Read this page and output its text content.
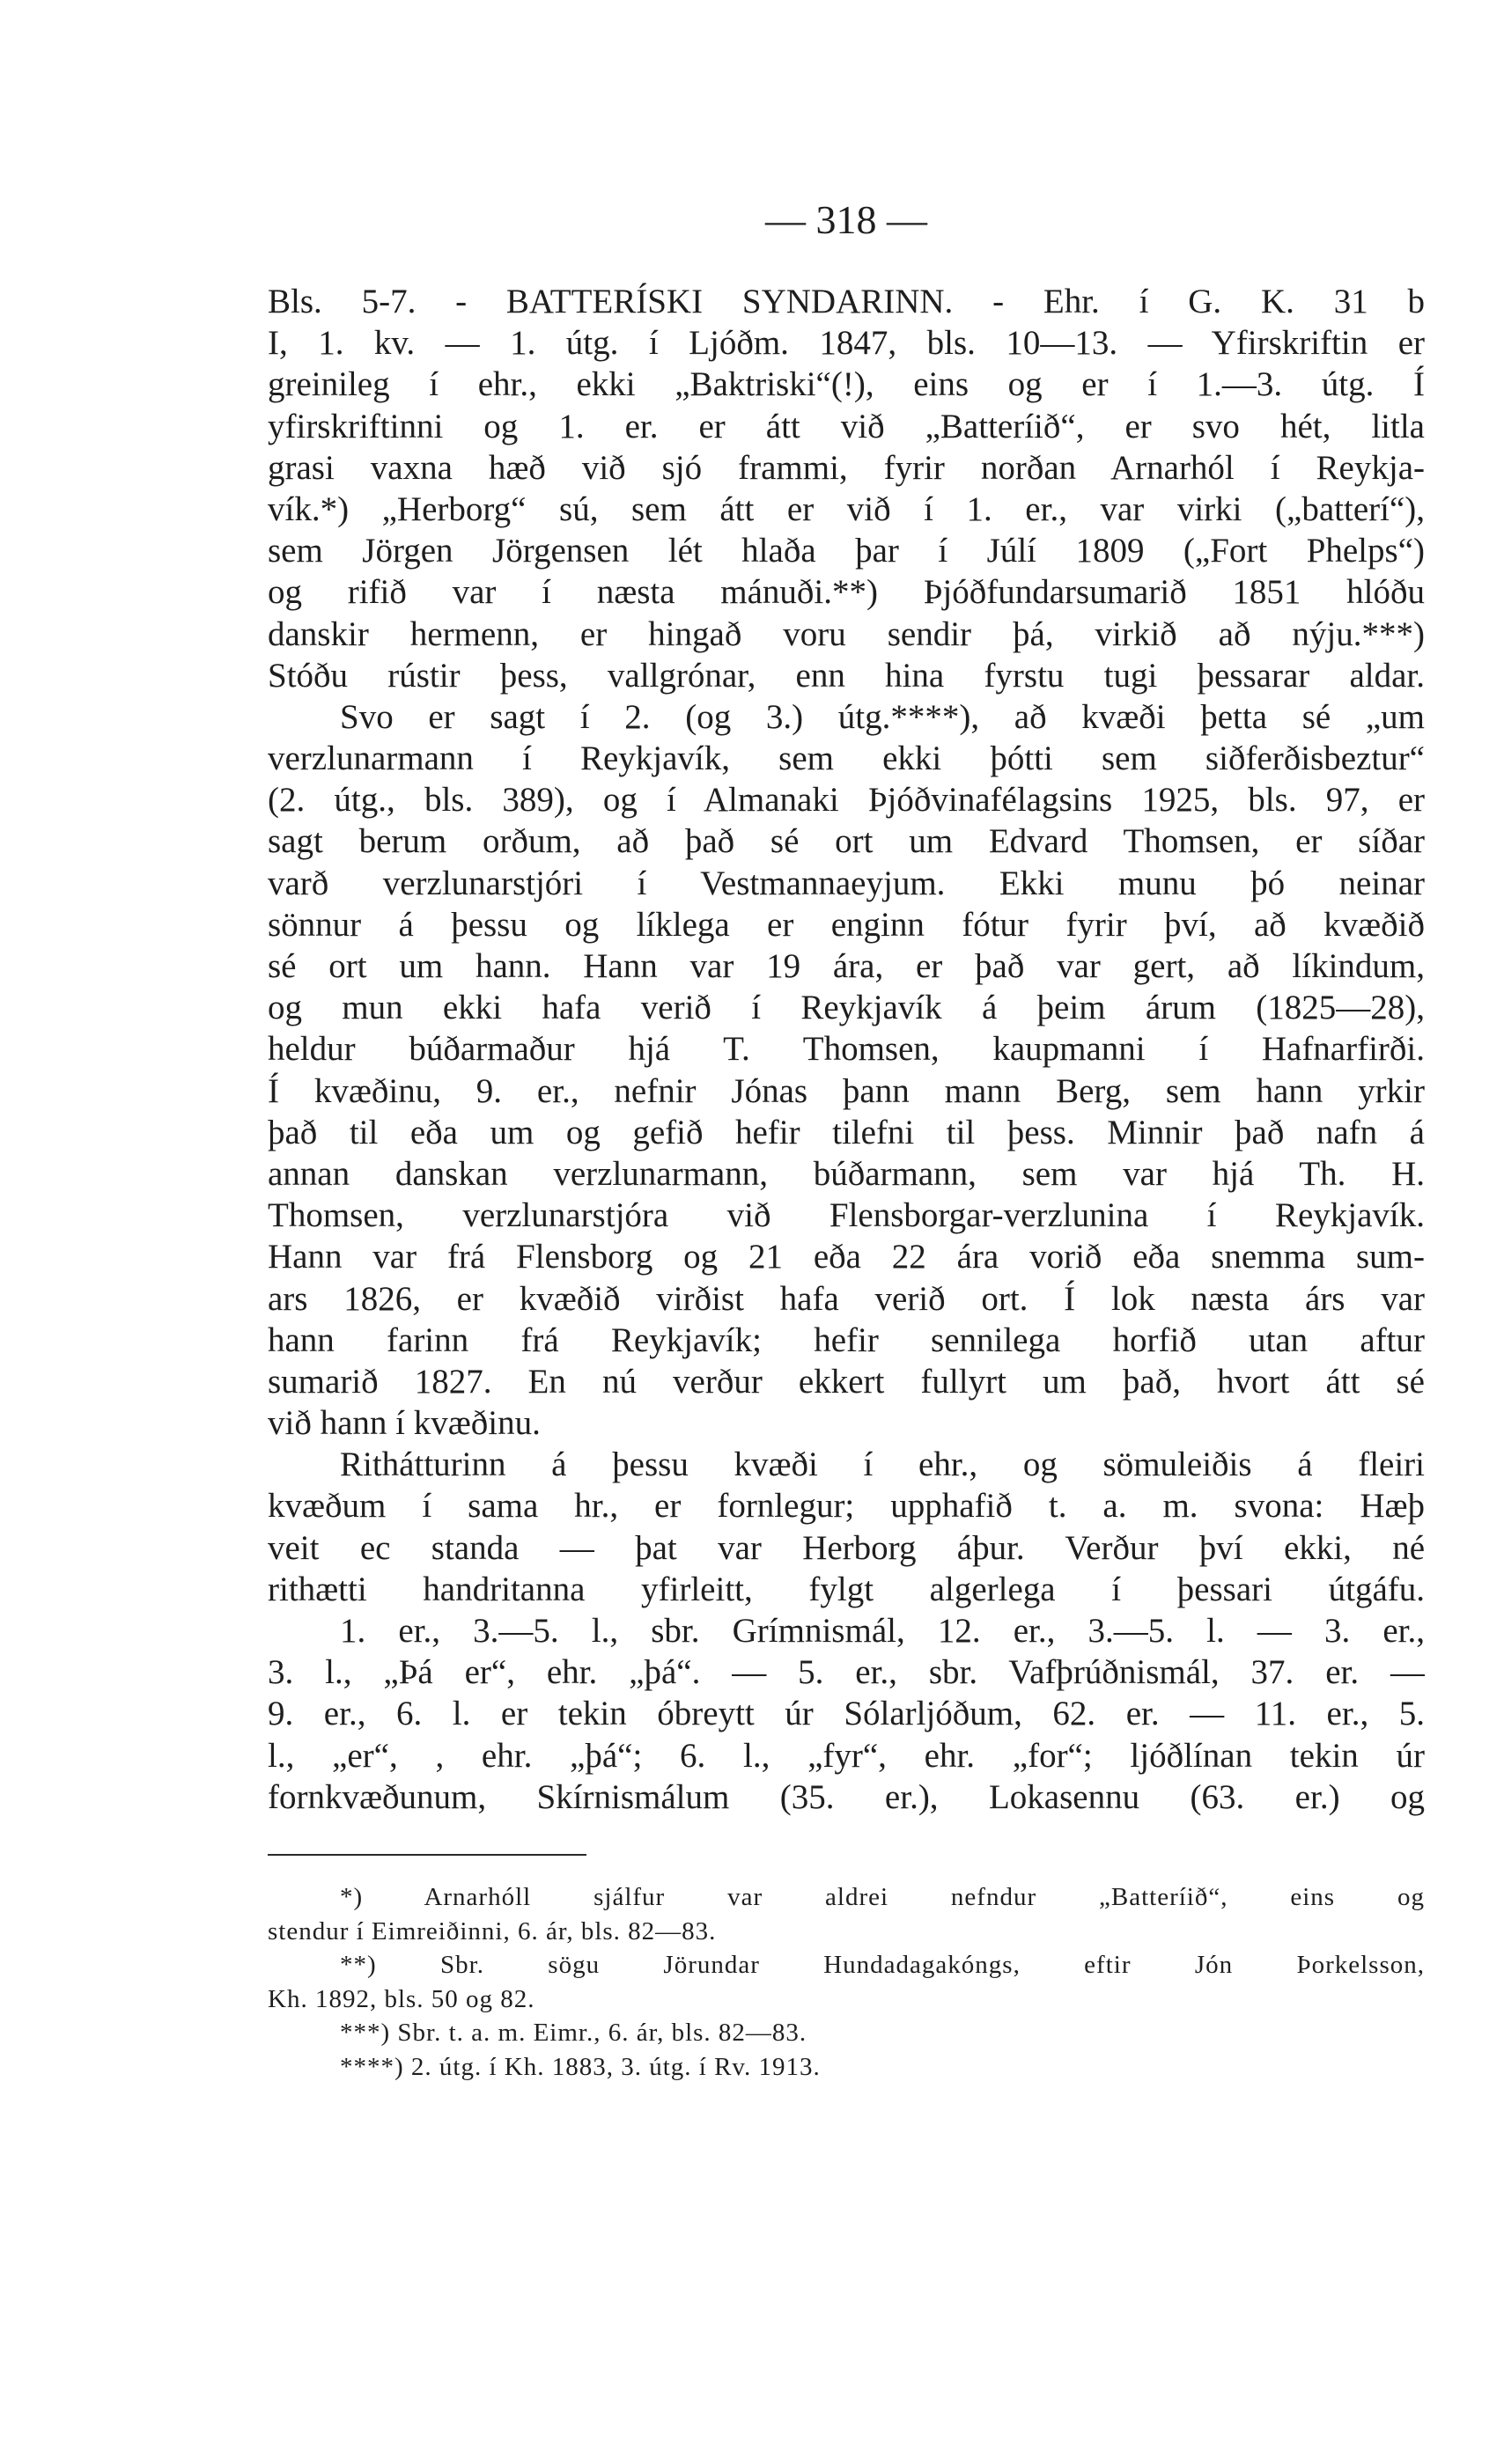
— 318 —
Bls. 5-7. - BATTERÍSKI SYNDARINN. - Ehr. í G. K. 31 b
I, 1. kv. — 1. útg. í Ljóðm. 1847, bls. 10—13. — Yfirskriftin er
greinileg í ehr., ekki „Baktriski“(!), eins og er í 1.—3. útg. Í
yfirskriftinni og 1. er. er átt við „Batteríið“, er svo hét, litla
grasi vaxna hæð við sjó frammi, fyrir norðan Arnarhól í Reykja-
vík.*) „Herborg“ sú, sem átt er við í 1. er., var virki („batterí“),
sem Jörgen Jörgensen lét hlaða þar í Júlí 1809 („Fort Phelps“)
og rifið var í næsta mánuði.**) Þjóðfundarsumarið 1851 hlóðu
danskir hermenn, er hingað voru sendir þá, virkið að nýju.***)
Stóðu rústir þess, vallgrónar, enn hina fyrstu tugi þessarar aldar.
Svo er sagt í 2. (og 3.) útg.****), að kvæði þetta sé „um
verzlunarmann í Reykjavík, sem ekki þótti sem siðferðisbeztur“
(2. útg., bls. 389), og í Almanaki Þjóðvinafélagsins 1925, bls. 97, er
sagt berum orðum, að það sé ort um Edvard Thomsen, er síðar
varð verzlunarstjóri í Vestmannaeyjum. Ekki munu þó neinar
sönnur á þessu og líklega er enginn fótur fyrir því, að kvæðið
sé ort um hann. Hann var 19 ára, er það var gert, að líkindum,
og mun ekki hafa verið í Reykjavík á þeim árum (1825—28),
heldur búðarmaður hjá T. Thomsen, kaupmanni í Hafnarfirði.
Í kvæðinu, 9. er., nefnir Jónas þann mann Berg, sem hann yrkir
það til eða um og gefið hefir tilefni til þess. Minnir það nafn á
annan danskan verzlunarmann, búðarmann, sem var hjá Th. H.
Thomsen, verzlunarstjóra við Flensborgar-verzlunina í Reykjavík.
Hann var frá Flensborg og 21 eða 22 ára vorið eða snemma sum-
ars 1826, er kvæðið virðist hafa verið ort. Í lok næsta árs var
hann farinn frá Reykjavík; hefir sennilega horfið utan aftur
sumarið 1827. En nú verður ekkert fullyrt um það, hvort átt sé
við hann í kvæðinu.
Rithátturinn á þessu kvæði í ehr., og sömuleiðis á fleiri
kvæðum í sama hr., er fornlegur; upphafið t. a. m. svona: Hæþ
veit ec standa — þat var Herborg áþur. Verður því ekki, né
rithætti handritanna yfirleitt, fylgt algerlega í þessari útgáfu.
1. er., 3.—5. l., sbr. Grímnismál, 12. er., 3.—5. l. — 3. er.,
3. l., „Þá er“, ehr. „þá“. — 5. er., sbr. Vafþrúðnismál, 37. er. —
9. er., 6. l. er tekin óbreytt úr Sólarljóðum, 62. er. — 11. er., 5.
l., „er“, , ehr. „þá“; 6. l., „fyr“, ehr. „for“; ljóðlínan tekin úr
fornkvæðunum, Skírnismálum (35. er.), Lokasennu (63. er.) og
*) Arnarhóll sjálfur var aldrei nefndur „Batteríið“, eins og
stendur í Eimreiðinni, 6. ár, bls. 82—83.
**) Sbr. sögu Jörundar Hundadagakóngs, eftir Jón Þorkelsson,
Kh. 1892, bls. 50 og 82.
***) Sbr. t. a. m. Eimr., 6. ár, bls. 82—83.
****) 2. útg. í Kh. 1883, 3. útg. í Rv. 1913.
